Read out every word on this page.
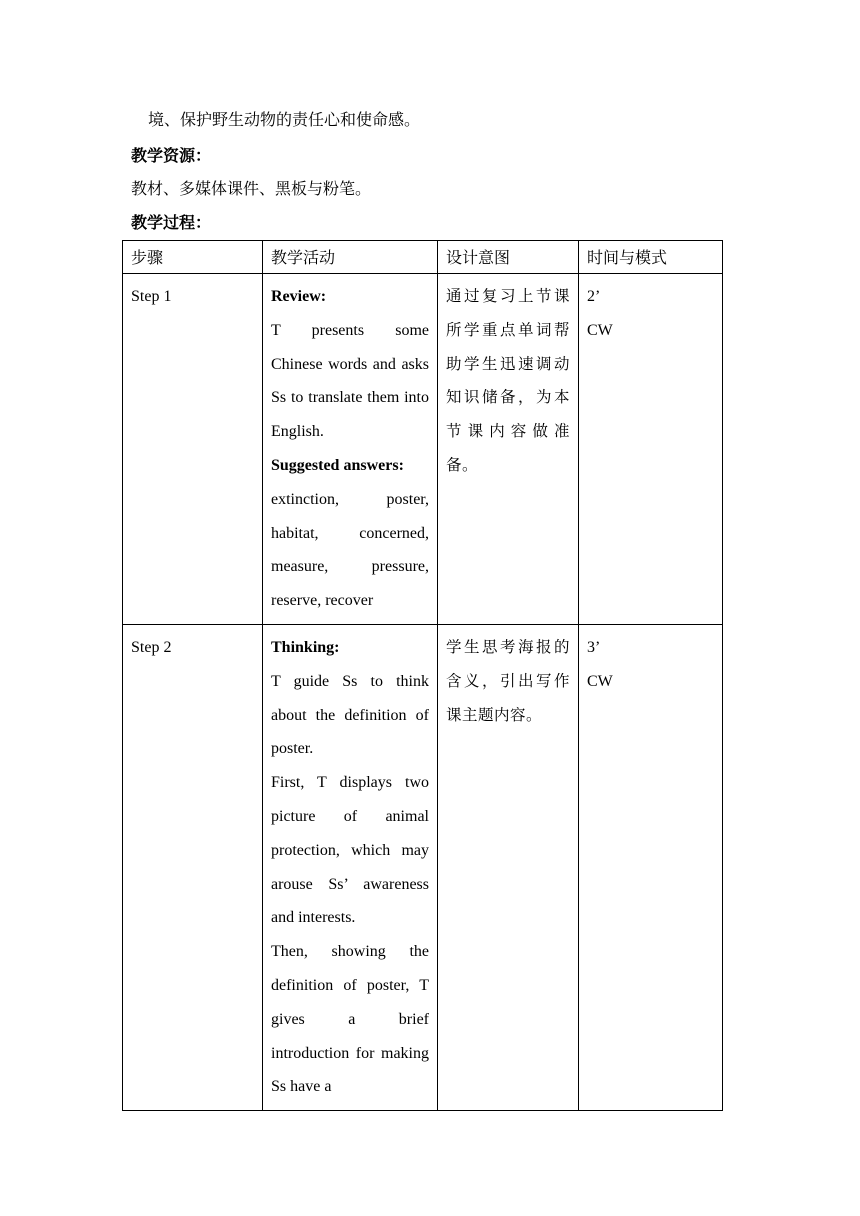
境、保护野生动物的责任心和使命感。
教学资源：
教材、多媒体课件、黑板与粉笔。
教学过程：
步骤	教学活动	设计意图	时间与模式
Step 1	Review:
T presents some Chinese words and asks Ss to translate them into English.
Suggested answers:
extinction, poster, habitat, concerned, measure, pressure, reserve, recover	通过复习上节课所学重点单词帮助学生迅速调动知识储备，为本节课内容做准备。	2’
CW

Step 2	Thinking:
T guide Ss to think about the definition of poster.
First, T displays two picture of animal protection, which may arouse Ss’ awareness and interests.
Then, showing the definition of poster, T gives a brief introduction for making Ss have a	学生思考海报的含义，引出写作课主题内容。	3’
CW
